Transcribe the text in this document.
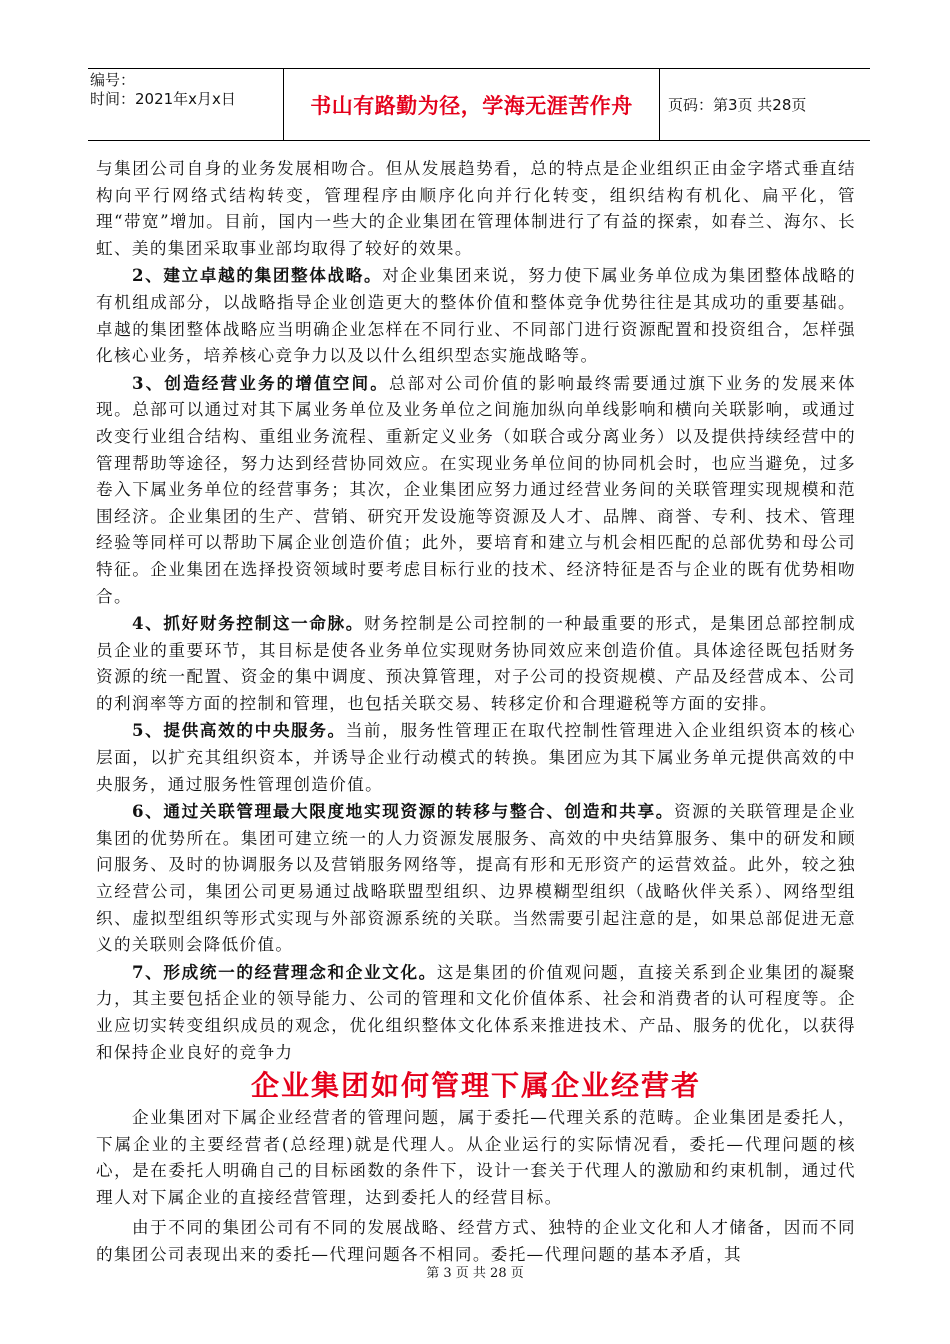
编号：
时间：2021年x月x日	书山有路勤为径，学海无涯苦作舟 页码：第3页 共28页

与集团公司自身的业务发展相吻合。但从发展趋势看，总的特点是企业组织正由金字塔式垂直结构向平行网络式结构转变，管理程序由顺序化向并行化转变，组织结构有机化、扁平化，管理“带宽”增加。目前，国内一些大的企业集团在管理体制进行了有益的探索，如春兰、海尔、长虹、美的集团采取事业部均取得了较好的效果。

2、建立卓越的集团整体战略。对企业集团来说，努力使下属业务单位成为集团整体战略的有机组成部分，以战略指导企业创造更大的整体价值和整体竞争优势往往是其成功的重要基础。卓越的集团整体战略应当明确企业怎样在不同行业、不同部门进行资源配置和投资组合，怎样强化核心业务，培养核心竞争力以及以什么组织型态实施战略等。

3、创造经营业务的增值空间。总部对公司价值的影响最终需要通过旗下业务的发展来体现。总部可以通过对其下属业务单位及业务单位之间施加纵向单线影响和横向关联影响，或通过改变行业组合结构、重组业务流程、重新定义业务（如联合或分离业务）以及提供持续经营中的管理帮助等途径，努力达到经营协同效应。在实现业务单位间的协同机会时，也应当避免，过多卷入下属业务单位的经营事务；其次，企业集团应努力通过经营业务间的关联管理实现规模和范围经济。企业集团的生产、营销、研究开发设施等资源及人才、品牌、商誉、专利、技术、管理经验等同样可以帮助下属企业创造价值；此外，要培育和建立与机会相匹配的总部优势和母公司特征。企业集团在选择投资领域时要考虑目标行业的技术、经济特征是否与企业的既有优势相吻合。

4、抓好财务控制这一命脉。财务控制是公司控制的一种最重要的形式，是集团总部控制成员企业的重要环节，其目标是使各业务单位实现财务协同效应来创造价值。具体途径既包括财务资源的统一配置、资金的集中调度、预决算管理，对子公司的投资规模、产品及经营成本、公司的利润率等方面的控制和管理，也包括关联交易、转移定价和合理避税等方面的安排。

5、提供高效的中央服务。当前，服务性管理正在取代控制性管理进入企业组织资本的核心层面，以扩充其组织资本，并诱导企业行动模式的转换。集团应为其下属业务单元提供高效的中央服务，通过服务性管理创造价值。

6、通过关联管理最大限度地实现资源的转移与整合、创造和共享。资源的关联管理是企业集团的优势所在。集团可建立统一的人力资源发展服务、高效的中央结算服务、集中的研发和顾问服务、及时的协调服务以及营销服务网络等，提高有形和无形资产的运营效益。此外，较之独立经营公司，集团公司更易通过战略联盟型组织、边界模糊型组织（战略伙伴关系）、网络型组织、虚拟型组织等形式实现与外部资源系统的关联。当然需要引起注意的是，如果总部促进无意义的关联则会降低价值。

7、形成统一的经营理念和企业文化。这是集团的价值观问题，直接关系到企业集团的凝聚力，其主要包括企业的领导能力、公司的管理和文化价值体系、社会和消费者的认可程度等。企业应切实转变组织成员的观念，优化组织整体文化体系来推进技术、产品、服务的优化，以获得和保持企业良好的竞争力

企业集团如何管理下属企业经营者

企业集团对下属企业经营者的管理问题，属于委托—代理关系的范畴。企业集团是委托人，下属企业的主要经营者(总经理)就是代理人。从企业运行的实际情况看，委托—代理问题的核心，是在委托人明确自己的目标函数的条件下，设计一套关于代理人的激励和约束机制，通过代理人对下属企业的直接经营管理，达到委托人的经营目标。

由于不同的集团公司有不同的发展战略、经营方式、独特的企业文化和人才储备，因而不同的集团公司表现出来的委托—代理问题各不相同。委托—代理问题的基本矛盾，其

第 3 页 共 28 页
